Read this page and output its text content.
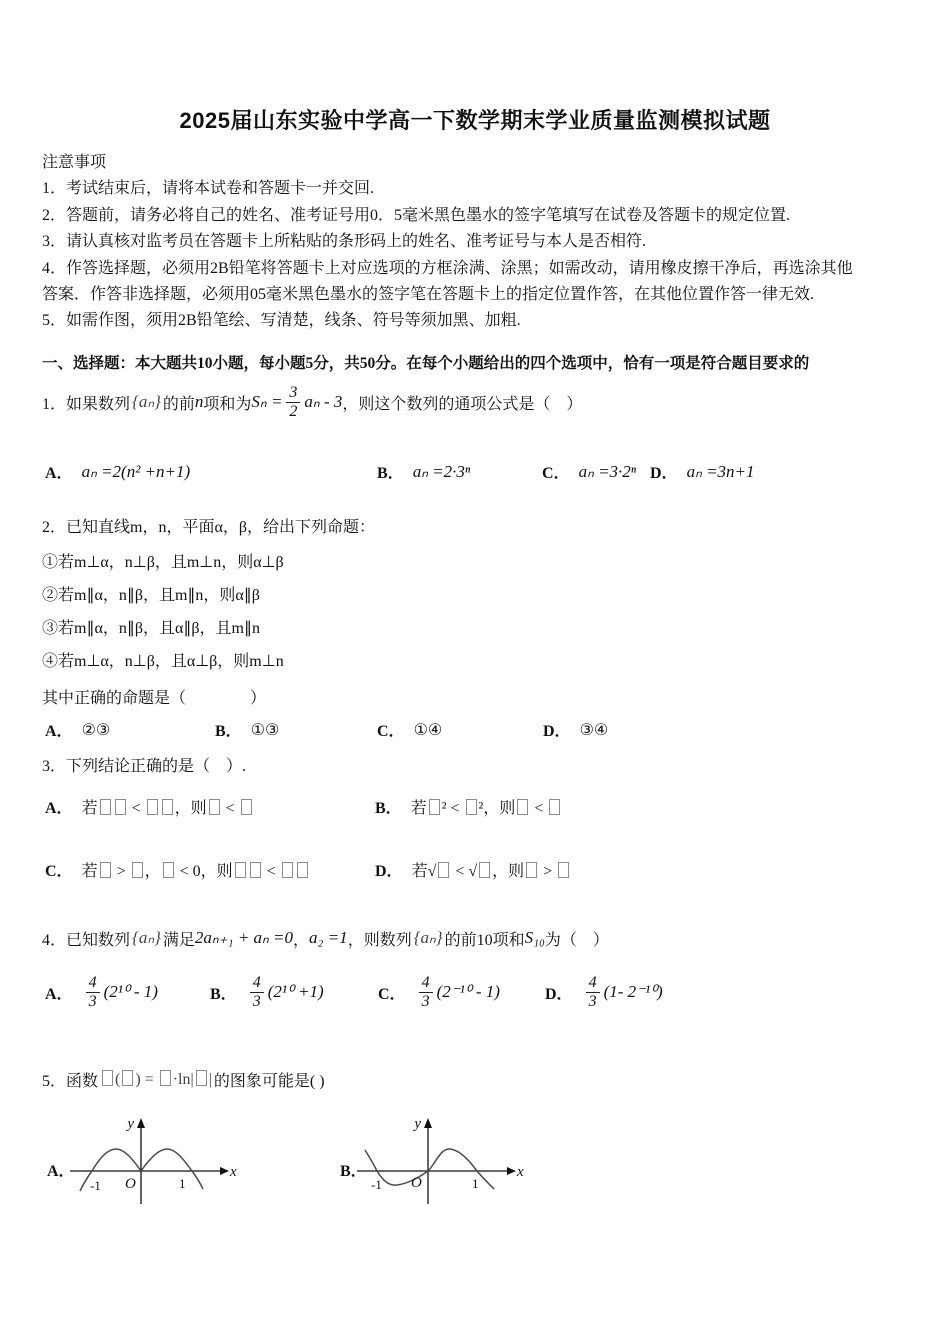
2025届山东实验中学高一下数学期末学业质量监测模拟试题
注意事项
1．考试结束后，请将本试卷和答题卡一并交回.
2．答题前，请务必将自己的姓名、准考证号用0．5毫米黑色墨水的签字笔填写在试卷及答题卡的规定位置.
3．请认真核对监考员在答题卡上所粘贴的条形码上的姓名、准考证号与本人是否相符.
4．作答选择题，必须用2B铅笔将答题卡上对应选项的方框涂满、涂黑；如需改动，请用橡皮擦干净后，再选涂其他
答案．作答非选择题，必须用05毫米黑色墨水的签字笔在答题卡上的指定位置作答，在其他位置作答一律无效.
5．如需作图，须用2B铅笔绘、写清楚，线条、符号等须加黑、加粗.
一、选择题：本大题共10小题，每小题5分，共50分。在每个小题给出的四个选项中，恰有一项是符合题目要求的
1．如果数列 {aₙ} 的前 n 项和为 $S_n = \frac{3}{2}$ aₙ - 3 ，则这个数列的通项公式是（　）
A． aₙ =2(n² +n+1)	B． aₙ =2·3ⁿ	C． aₙ =3·2ⁿ D． aₙ =3n+1
2．已知直线m，n，平面α，β，给出下列命题：
①若m⊥α，n⊥β，且m⊥n，则α⊥β
②若m∥α，n∥β，且m∥n，则α∥β
③若m∥α，n∥β，且α∥β，且m∥n
④若m⊥α，n⊥β，且α⊥β，则m⊥n
其中正确的命题是（　　　　）
A． ②③	B． ①③	C． ①④	D． ③④
3．下列结论正确的是（　）.
A． 若 < ，则 <	B． 若 ² < ²，则 <
C． 若 > ， < 0，则 <	D． 若√ < √ ，则 >
4．已知数列 {aₙ} 满足 2aₙ₊₁ + aₙ =0 ， a₂ =1 ，则数列 {aₙ} 的前10项和 S₁₀ 为（　）
A． $\frac{4}{3} (2^{10} - 1)$	B． $\frac{4}{3} (2^{10} +1)$	C． $\frac{4}{3} (2^{-10} - 1)$	D． $\frac{4}{3} (1-$ 2⁻¹⁰)
5．函数	( ) = ·ln| | 的图象可能是( )
A．
y
x
O
-1	1
B．
y
x
O
-1	1
